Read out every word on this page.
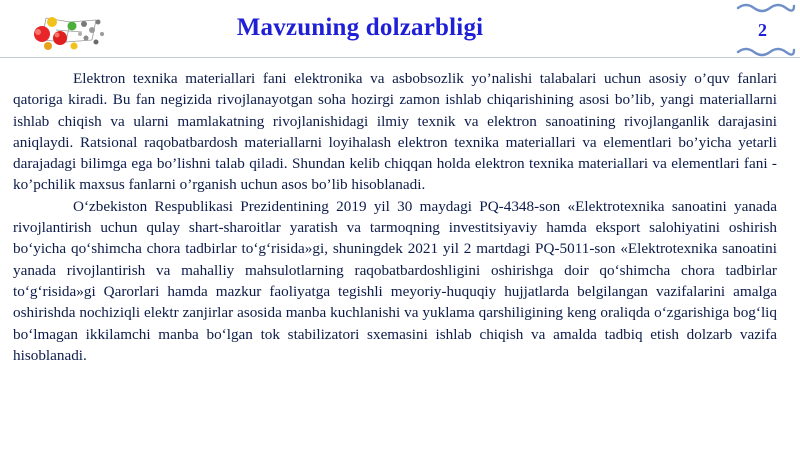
Mavzuning dolzarbligi	2

Elektron texnika materiallari fani elektronika va asbobsozlik yo’nalishi talabalari uchun asosiy o’quv fanlari qatoriga kiradi. Bu fan negizida rivojlanayotgan soha hozirgi zamon ishlab chiqarishining asosi bo’lib, yangi materiallarni ishlab chiqish va ularni mamlakatning rivojlanishidagi ilmiy texnik va elektron sanoatining rivojlanganlik darajasini aniqlaydi. Ratsional raqobatbardosh materiallarni loyihalash elektron texnika materiallari va elementlari bo’yicha yetarli darajadagi bilimga ega bo’lishni talab qiladi. Shundan kelib chiqqan holda elektron texnika materiallari va elementlari fani - ko’pchilik maxsus fanlarni o’rganish uchun asos bo’lib hisoblanadi.

O‘zbekiston Respublikasi Prezidentining 2019 yil 30 maydagi PQ-4348-son «Elektrotexnika sanoatini yanada rivojlantirish uchun qulay shart-sharoitlar yaratish va tarmoqning investitsiyaviy hamda eksport salohiyatini oshirish bo‘yicha qo‘shimcha chora tadbirlar to‘g‘risida»gi, shuningdek 2021 yil 2 martdagi PQ-5011-son «Elektrotexnika sanoatini yanada rivojlantirish va mahalliy mahsulotlarning raqobatbardoshligini oshirishga doir qo‘shimcha chora tadbirlar to‘g‘risida»gi Qarorlari hamda mazkur faoliyatga tegishli meyoriy-huquqiy hujjatlarda belgilangan vazifalarini amalga oshirishda nochiziqli elektr zanjirlar asosida manba kuchlanishi va yuklama qarshiligining keng oraliqda o‘zgarishiga bog‘liq bo‘lmagan ikkilamchi manba bo‘lgan tok stabilizatori sxemasini ishlab chiqish va amalda tadbiq etish dolzarb vazifa hisoblanadi.
